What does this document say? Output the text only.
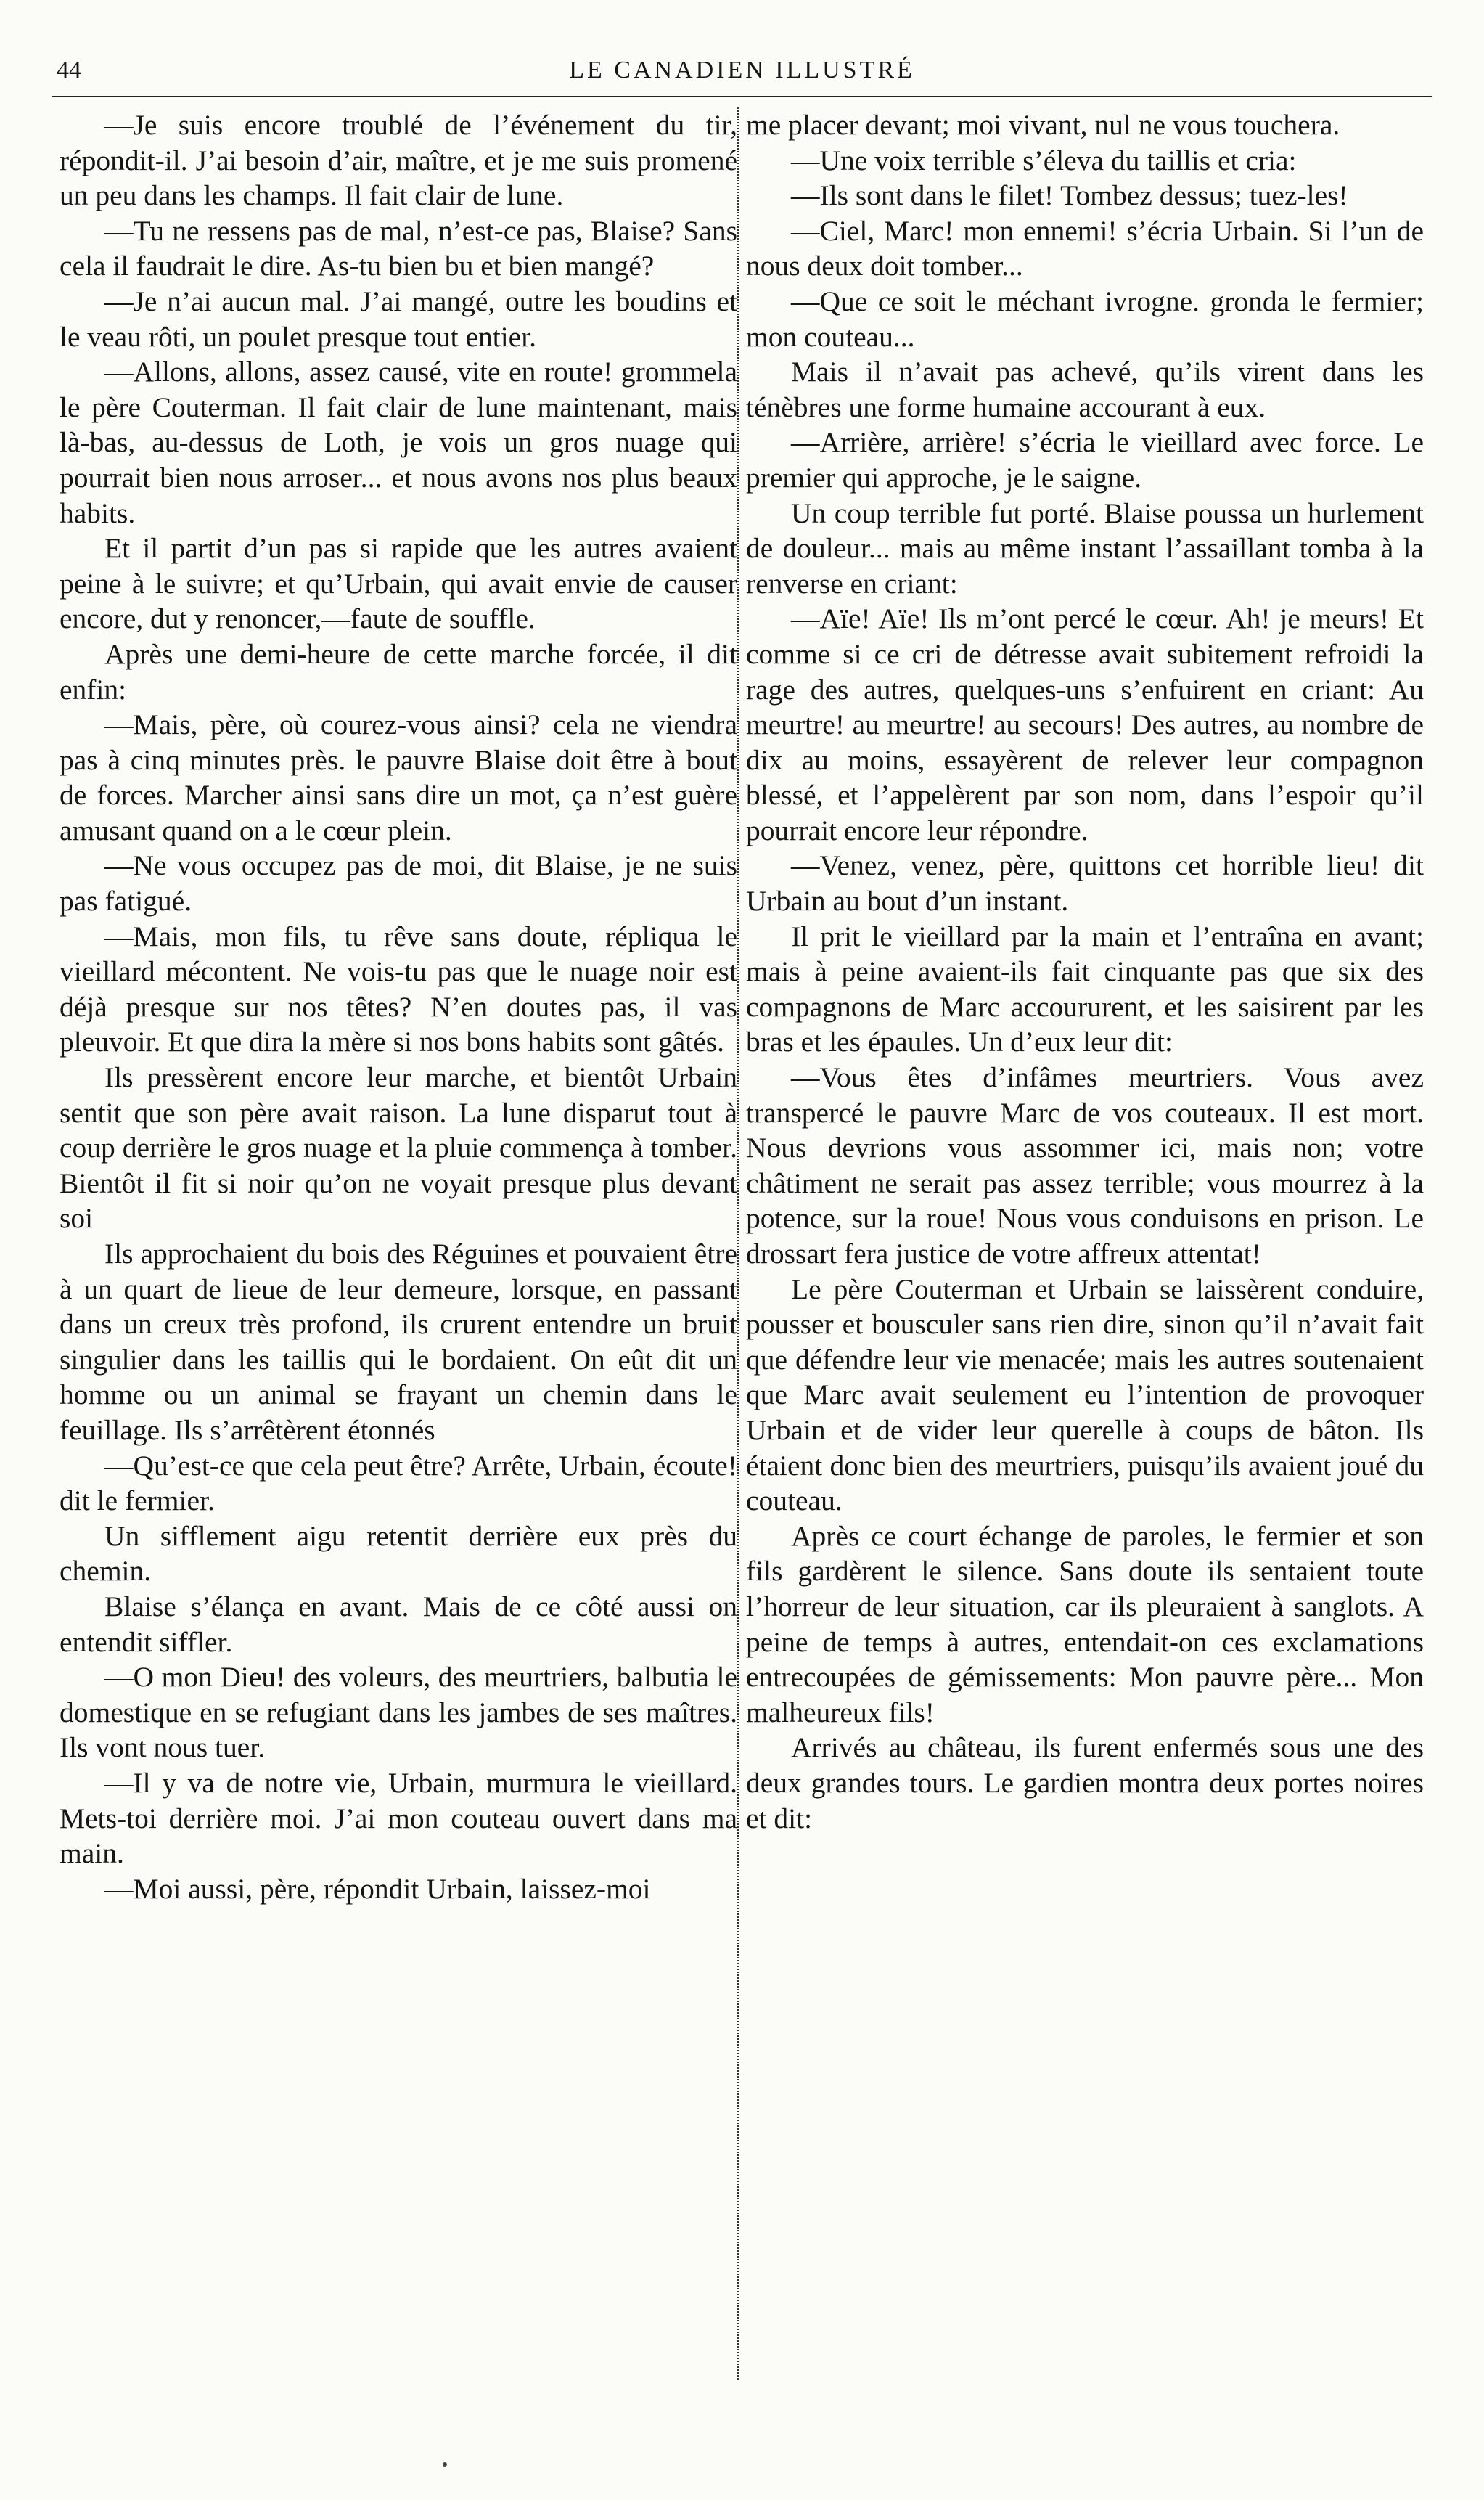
44	LE CANADIEN ILLUSTRÉ

—Je suis encore troublé de l’événement du tir, répondit-il. J’ai besoin d’air, maître, et je me suis promené un peu dans les champs. Il fait clair de lune.

—Tu ne ressens pas de mal, n’est-ce pas, Blaise? Sans cela il faudrait le dire. As-tu bien bu et bien mangé?

—Je n’ai aucun mal. J’ai mangé, outre les boudins et le veau rôti, un poulet presque tout entier.

—Allons, allons, assez causé, vite en route! grommela le père Couterman. Il fait clair de lune maintenant, mais là-bas, au-dessus de Loth, je vois un gros nuage qui pourrait bien nous arroser... et nous avons nos plus beaux habits.

Et il partit d’un pas si rapide que les autres avaient peine à le suivre; et qu’Urbain, qui avait envie de causer encore, dut y renoncer,—faute de souffle.

Après une demi-heure de cette marche forcée, il dit enfin:

—Mais, père, où courez-vous ainsi? cela ne viendra pas à cinq minutes près. le pauvre Blaise doit être à bout de forces. Marcher ainsi sans dire un mot, ça n’est guère amusant quand on a le cœur plein.

—Ne vous occupez pas de moi, dit Blaise, je ne suis pas fatigué.

—Mais, mon fils, tu rêve sans doute, répliqua le vieillard mécontent. Ne vois-tu pas que le nuage noir est déjà presque sur nos têtes? N’en doutes pas, il vas pleuvoir. Et que dira la mère si nos bons habits sont gâtés.

Ils pressèrent encore leur marche, et bientôt Urbain sentit que son père avait raison. La lune disparut tout à coup derrière le gros nuage et la pluie commença à tomber. Bientôt il fit si noir qu’on ne voyait presque plus devant soi

Ils approchaient du bois des Réguines et pouvaient être à un quart de lieue de leur demeure, lorsque, en passant dans un creux très profond, ils crurent entendre un bruit singulier dans les taillis qui le bordaient. On eût dit un homme ou un animal se frayant un chemin dans le feuillage. Ils s’arrêtèrent étonnés

—Qu’est-ce que cela peut être? Arrête, Urbain, écoute! dit le fermier.

Un sifflement aigu retentit derrière eux près du chemin.

Blaise s’élança en avant. Mais de ce côté aussi on entendit siffler.

—O mon Dieu! des voleurs, des meurtriers, balbutia le domestique en se refugiant dans les jambes de ses maîtres. Ils vont nous tuer.

—Il y va de notre vie, Urbain, murmura le vieillard. Mets-toi derrière moi. J’ai mon couteau ouvert dans ma main.

—Moi aussi, père, répondit Urbain, laissez-moi

me placer devant; moi vivant, nul ne vous touchera.

—Une voix terrible s’éleva du taillis et cria:

—Ils sont dans le filet! Tombez dessus; tuez-les!

—Ciel, Marc! mon ennemi! s’écria Urbain. Si l’un de nous deux doit tomber...

—Que ce soit le méchant ivrogne. gronda le fermier; mon couteau...

Mais il n’avait pas achevé, qu’ils virent dans les ténèbres une forme humaine accourant à eux.

—Arrière, arrière! s’écria le vieillard avec force. Le premier qui approche, je le saigne.

Un coup terrible fut porté. Blaise poussa un hurlement de douleur... mais au même instant l’assaillant tomba à la renverse en criant:

—Aïe! Aïe! Ils m’ont percé le cœur. Ah! je meurs! Et comme si ce cri de détresse avait subitement refroidi la rage des autres, quelques-uns s’enfuirent en criant: Au meurtre! au meurtre! au secours! Des autres, au nombre de dix au moins, essayèrent de relever leur compagnon blessé, et l’appelèrent par son nom, dans l’espoir qu’il pourrait encore leur répondre.

—Venez, venez, père, quittons cet horrible lieu! dit Urbain au bout d’un instant.

Il prit le vieillard par la main et l’entraîna en avant; mais à peine avaient-ils fait cinquante pas que six des compagnons de Marc accoururent, et les saisirent par les bras et les épaules. Un d’eux leur dit:

—Vous êtes d’infâmes meurtriers. Vous avez transpercé le pauvre Marc de vos couteaux. Il est mort. Nous devrions vous assommer ici, mais non; votre châtiment ne serait pas assez terrible; vous mourrez à la potence, sur la roue! Nous vous conduisons en prison. Le drossart fera justice de votre affreux attentat!

Le père Couterman et Urbain se laissèrent conduire, pousser et bousculer sans rien dire, sinon qu’il n’avait fait que défendre leur vie menacée; mais les autres soutenaient que Marc avait seulement eu l’intention de provoquer Urbain et de vider leur querelle à coups de bâton. Ils étaient donc bien des meurtriers, puisqu’ils avaient joué du couteau.

Après ce court échange de paroles, le fermier et son fils gardèrent le silence. Sans doute ils sentaient toute l’horreur de leur situation, car ils pleuraient à sanglots. A peine de temps à autres, entendait-on ces exclamations entrecoupées de gémissements: Mon pauvre père... Mon malheureux fils!

Arrivés au château, ils furent enfermés sous une des deux grandes tours. Le gardien montra deux portes noires et dit:
